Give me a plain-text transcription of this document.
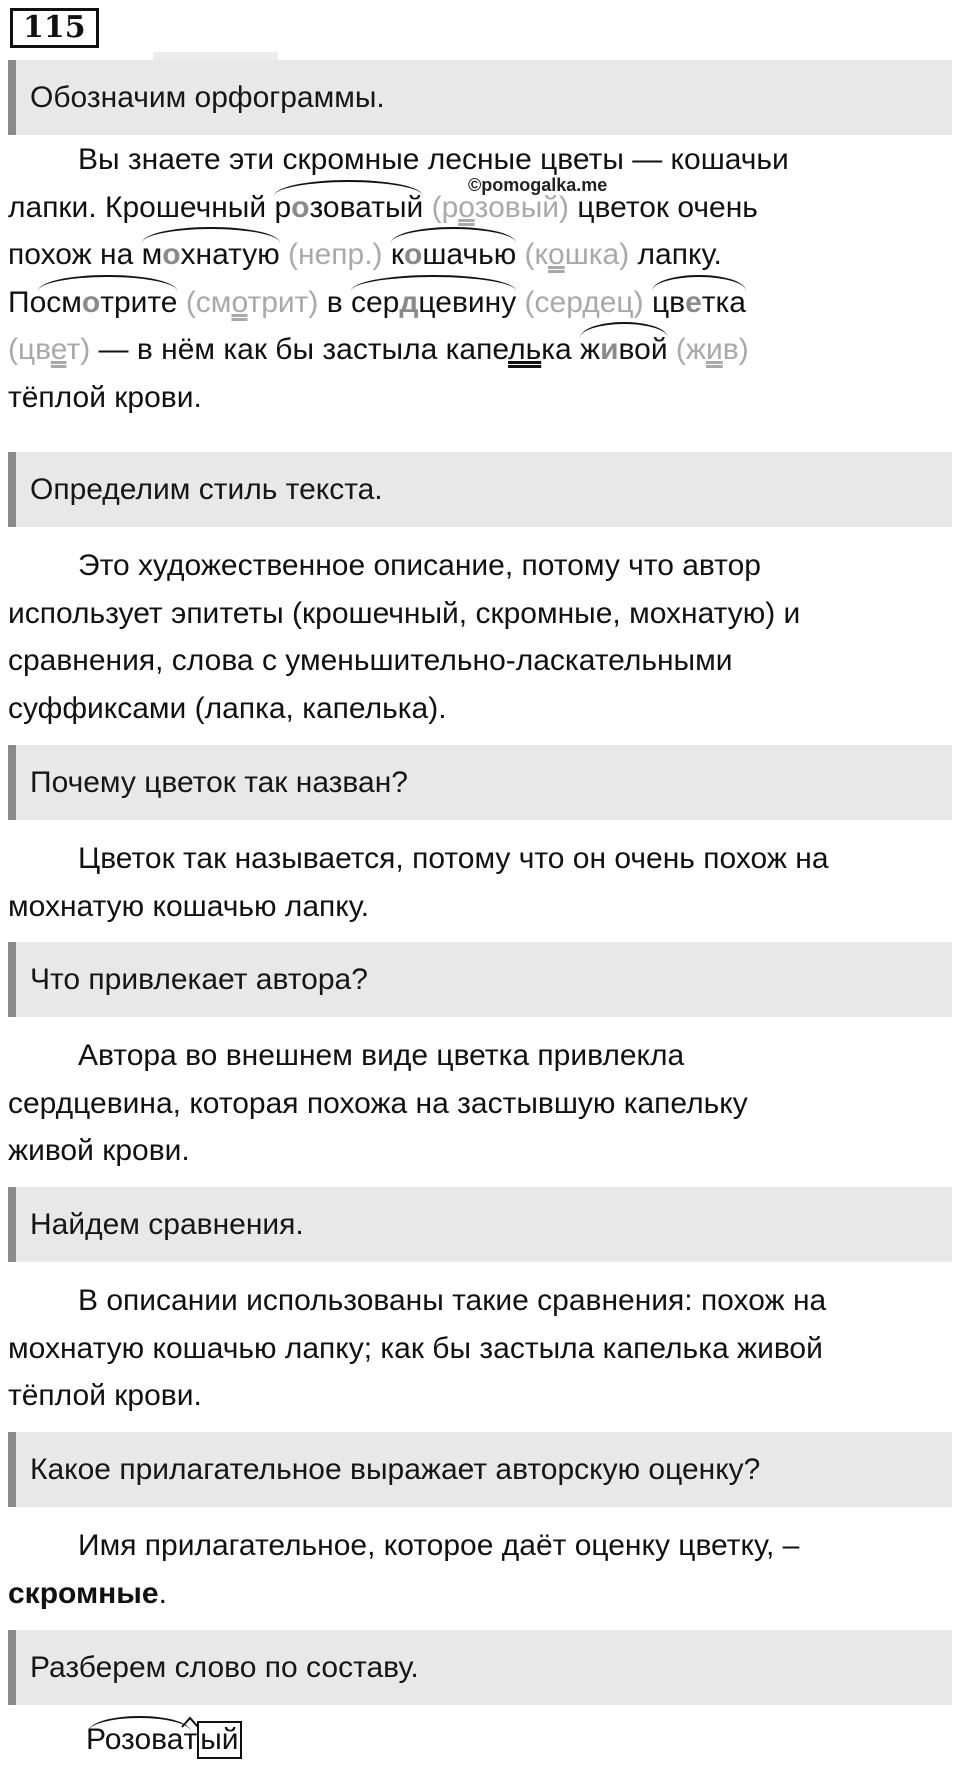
115
Обозначим орфограммы.
Вы знаете эти скромные лесные цветы — кошачьи
©pomogalka.me
лапки. Крошечный розоватый (розовый) цветок очень
похож на мохнатую (непр.) кошачью (кошка) лапку.
Посмотрите (смотрит) в сердцевину (сердец) цветка
(цвет) — в нём как бы застыла капелька живой (жив)
тёплой крови.
Определим стиль текста.
Это художественное описание, потому что автор
использует эпитеты (крошечный, скромные, мохнатую) и
сравнения, слова с уменьшительно-ласкательными
суффиксами (лапка, капелька).
Почему цветок так назван?
Цветок так называется, потому что он очень похож на
мохнатую кошачью лапку.
Что привлекает автора?
Автора во внешнем виде цветка привлекла
сердцевина, которая похожа на застывшую капельку
живой крови.
Найдем сравнения.
В описании использованы такие сравнения: похож на
мохнатую кошачью лапку; как бы застыла капелька живой
тёплой крови.
Какое прилагательное выражает авторскую оценку?
Имя прилагательное, которое даёт оценку цветку, –
скромные.
Разберем слово по составу.
Розова
т ый
